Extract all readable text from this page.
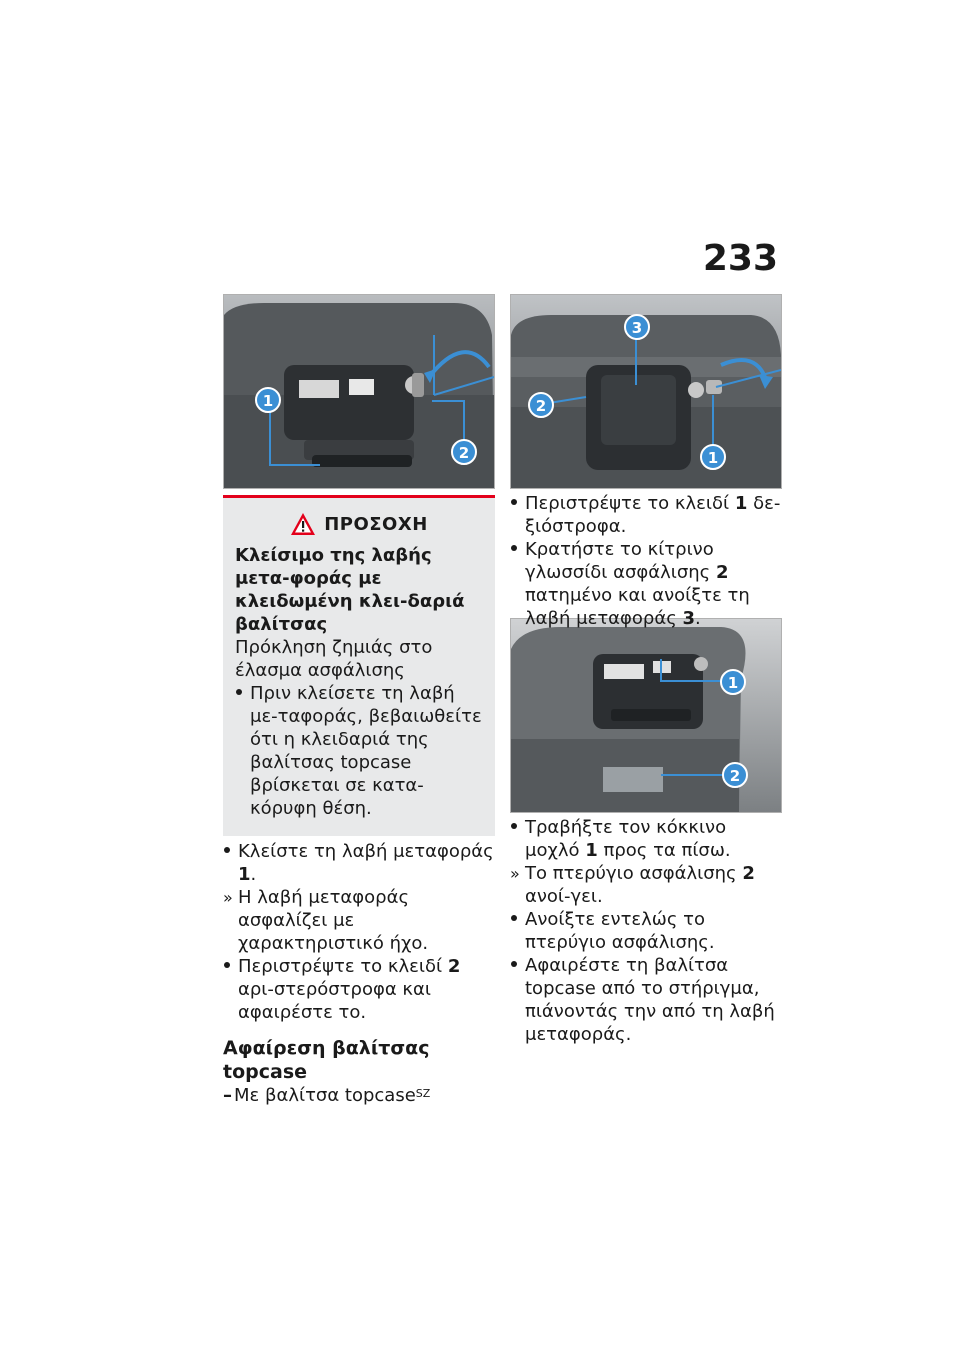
233
1
2
3
2
1
1
2
ΠΡΟΣΟΧΗ
Κλείσιμο της λαβής μετα-φοράς με κλειδωμένη κλει-δαριά βαλίτσας
Πρόκληση ζημιάς στο έλασμα ασφάλισης
Πριν κλείσετε τη λαβή με-ταφοράς, βεβαιωθείτε ότι η κλειδαριά της βαλίτσας topcase βρίσκεται σε κατα-κόρυφη θέση.
Κλείστε τη λαβή μεταφοράς 1.
» Η λαβή μεταφοράς ασφαλίζει με χαρακτηριστικό ήχο.
Περιστρέψτε το κλειδί 2 αρι-στερόστροφα και αφαιρέστε το.
Αφαίρεση βαλίτσας topcase
– Με βαλίτσα topcase$^{SZ}$
Περιστρέψτε το κλειδί 1 δε-ξιόστροφα.
Κρατήστε το κίτρινο γλωσσίδι ασφάλισης 2 πατημένο και ανοίξτε τη λαβή μεταφοράς 3.
Τραβήξτε τον κόκκινο μοχλό 1 προς τα πίσω.
» Το πτερύγιο ασφάλισης 2 ανοί-γει.
Ανοίξτε εντελώς το πτερύγιο ασφάλισης.
Αφαιρέστε τη βαλίτσα topcase από το στήριγμα, πιάνοντάς την από τη λαβή μεταφοράς.
